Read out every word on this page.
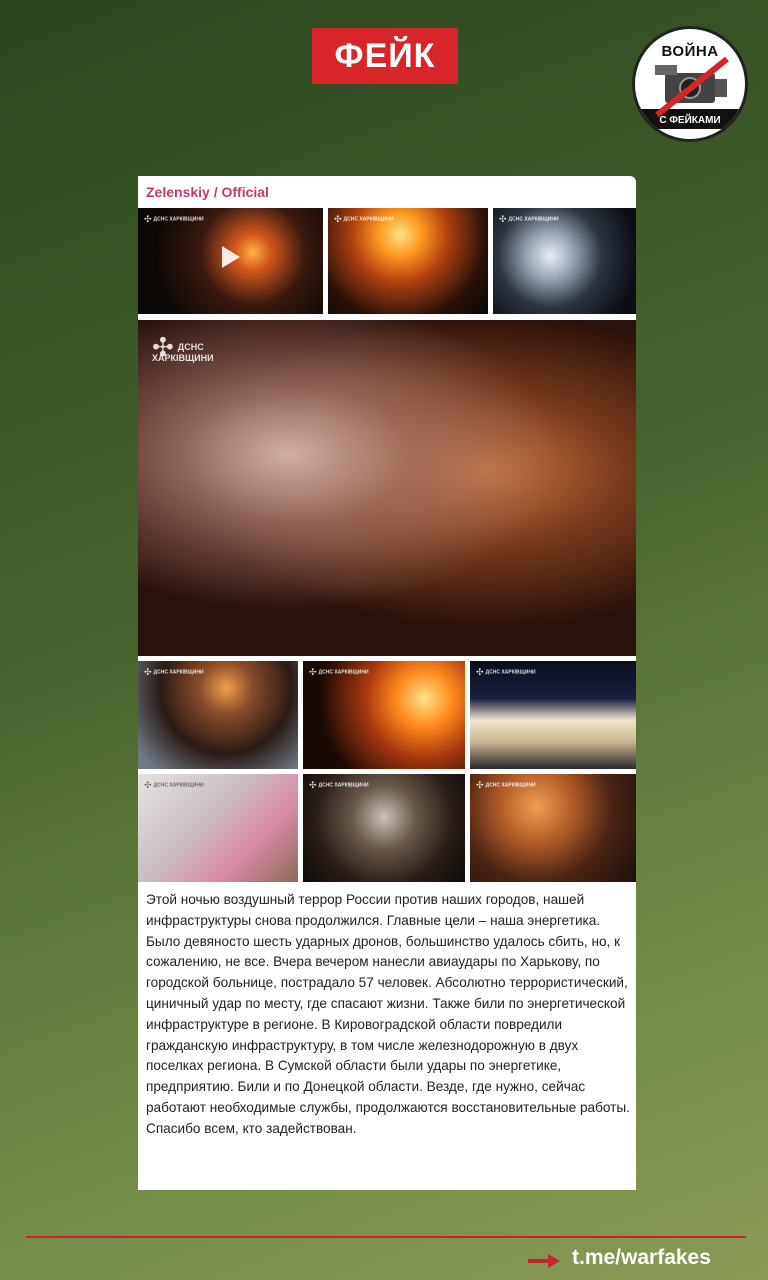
ФЕЙК	ВОЙНА
С ФЕЙКАМИ
Zelenskiy / Official
✣ ДСНС ХАРКІВЩИНИ	✣ ДСНС ХАРКІВЩИНИ	✣ ДСНС ХАРКІВЩИНИ
✣ ДСНС
ХАРКІВЩИНИ
✣ ДСНС ХАРКІВЩИНИ	✣ ДСНС ХАРКІВЩИНИ	✣ ДСНС ХАРКІВЩИНИ
✣ ДСНС ХАРКІВЩИНИ	✣ ДСНС ХАРКІВЩИНИ	✣ ДСНС ХАРКІВЩИНИ
Этой ночью воздушный террор России против наших городов, нашей инфраструктуры снова продолжился. Главные цели – наша энергетика. Было девяносто шесть ударных дронов, большинство удалось сбить, но, к сожалению, не все. Вчера вечером нанесли авиаудары по Харькову, по городской больнице, пострадало 57 человек. Абсолютно террористический, циничный удар по месту, где спасают жизни. Также били по энергетической инфраструктуре в регионе. В Кировоградской области повредили гражданскую инфраструктуру, в том числе железнодорожную в двух поселках региона. В Сумской области были удары по энергетике, предприятию. Били и по Донецкой области. Везде, где нужно, сейчас работают необходимые службы, продолжаются восстановительные работы. Спасибо всем, кто задействован.
t.me/warfakes
